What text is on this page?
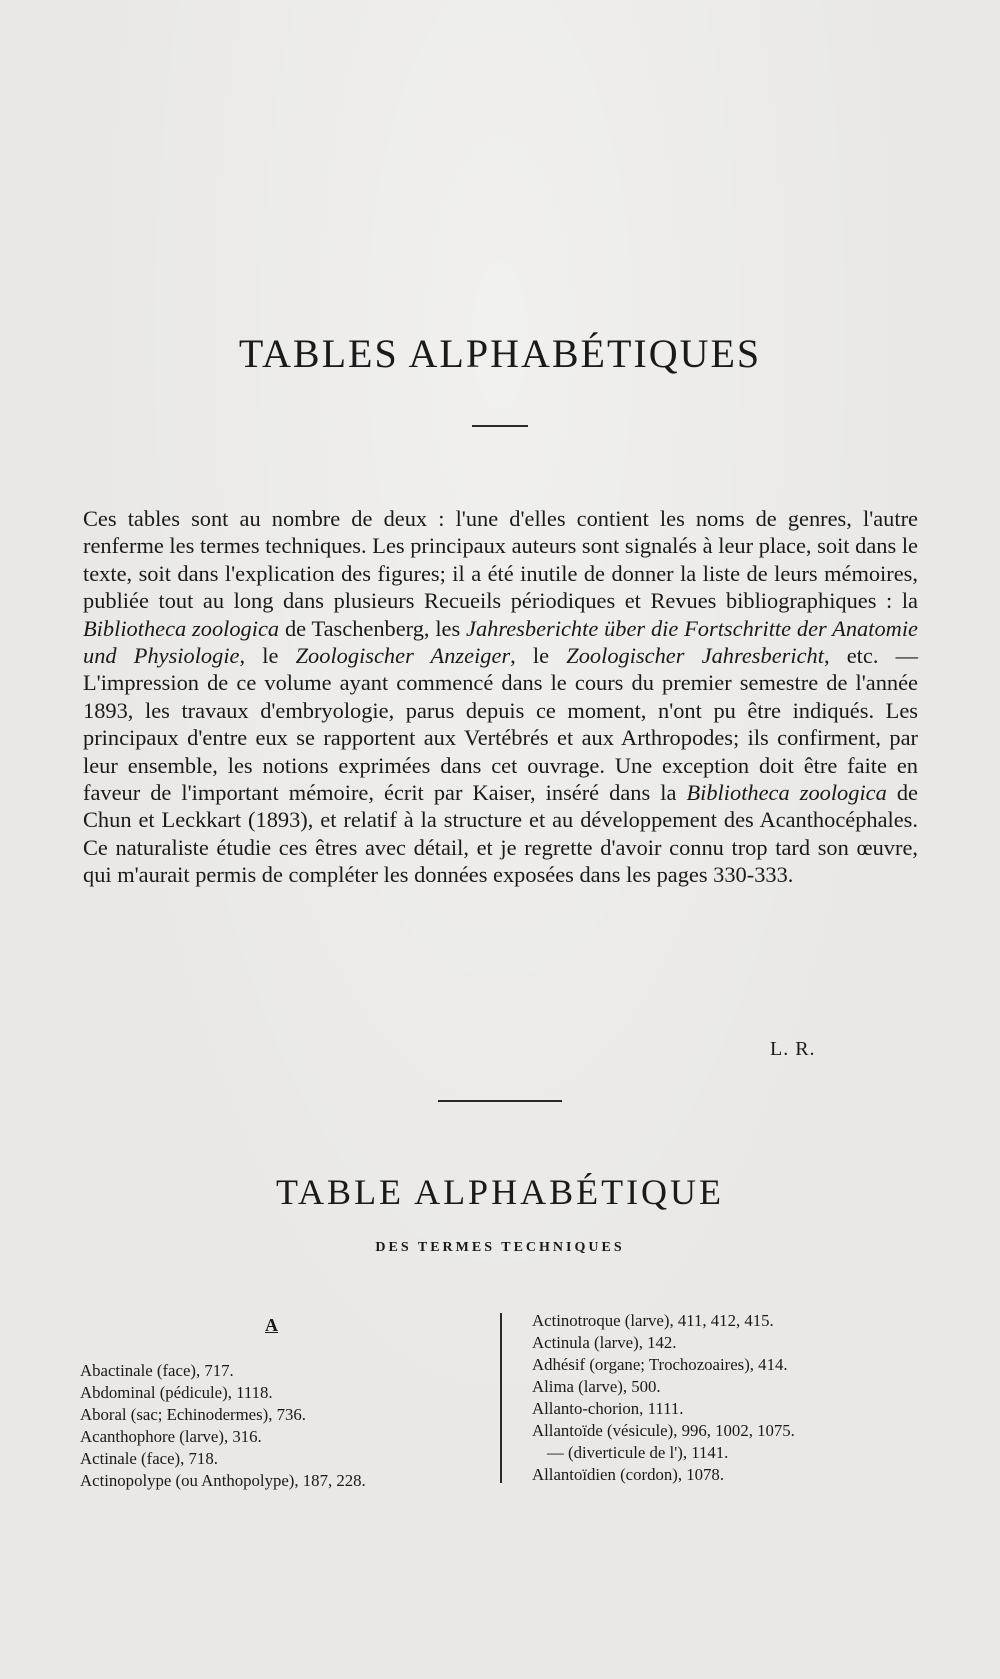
TABLES ALPHABÉTIQUES

Ces tables sont au nombre de deux : l'une d'elles contient les noms de genres, l'autre renferme les termes techniques. Les principaux auteurs sont signalés à leur place, soit dans le texte, soit dans l'explication des figures; il a été inutile de donner la liste de leurs mémoires, publiée tout au long dans plusieurs Recueils périodiques et Revues bibliographiques : la Bibliotheca zoologica de Taschenberg, les Jahresberichte über die Fortschritte der Anatomie und Physiologie, le Zoologischer Anzeiger, le Zoologischer Jahresbericht, etc. — L'impression de ce volume ayant commencé dans le cours du premier semestre de l'année 1893, les travaux d'embryologie, parus depuis ce moment, n'ont pu être indiqués. Les principaux d'entre eux se rapportent aux Vertébrés et aux Arthropodes; ils confirment, par leur ensemble, les notions exprimées dans cet ouvrage. Une exception doit être faite en faveur de l'important mémoire, écrit par Kaiser, inséré dans la Bibliotheca zoologica de Chun et Leckkart (1893), et relatif à la structure et au développement des Acanthocéphales. Ce naturaliste étudie ces êtres avec détail, et je regrette d'avoir connu trop tard son œuvre, qui m'aurait permis de compléter les données exposées dans les pages 330-333.

L. R.
TABLE ALPHABÉTIQUE
DES TERMES TECHNIQUES
A
Abactinale (face), 717.
Abdominal (pédicule), 1118.
Aboral (sac; Echinodermes), 736.
Acanthophore (larve), 316.
Actinale (face), 718.
Actinopolype (ou Anthopolype), 187, 228.
Actinotroque (larve), 411, 412, 415.
Actinula (larve), 142.
Adhésif (organe; Trochozoaires), 414.
Alima (larve), 500.
Allanto-chorion, 1111.
Allantoïde (vésicule), 996, 1002, 1075.
— (diverticule de l'), 1141.
Allantoïdien (cordon), 1078.
